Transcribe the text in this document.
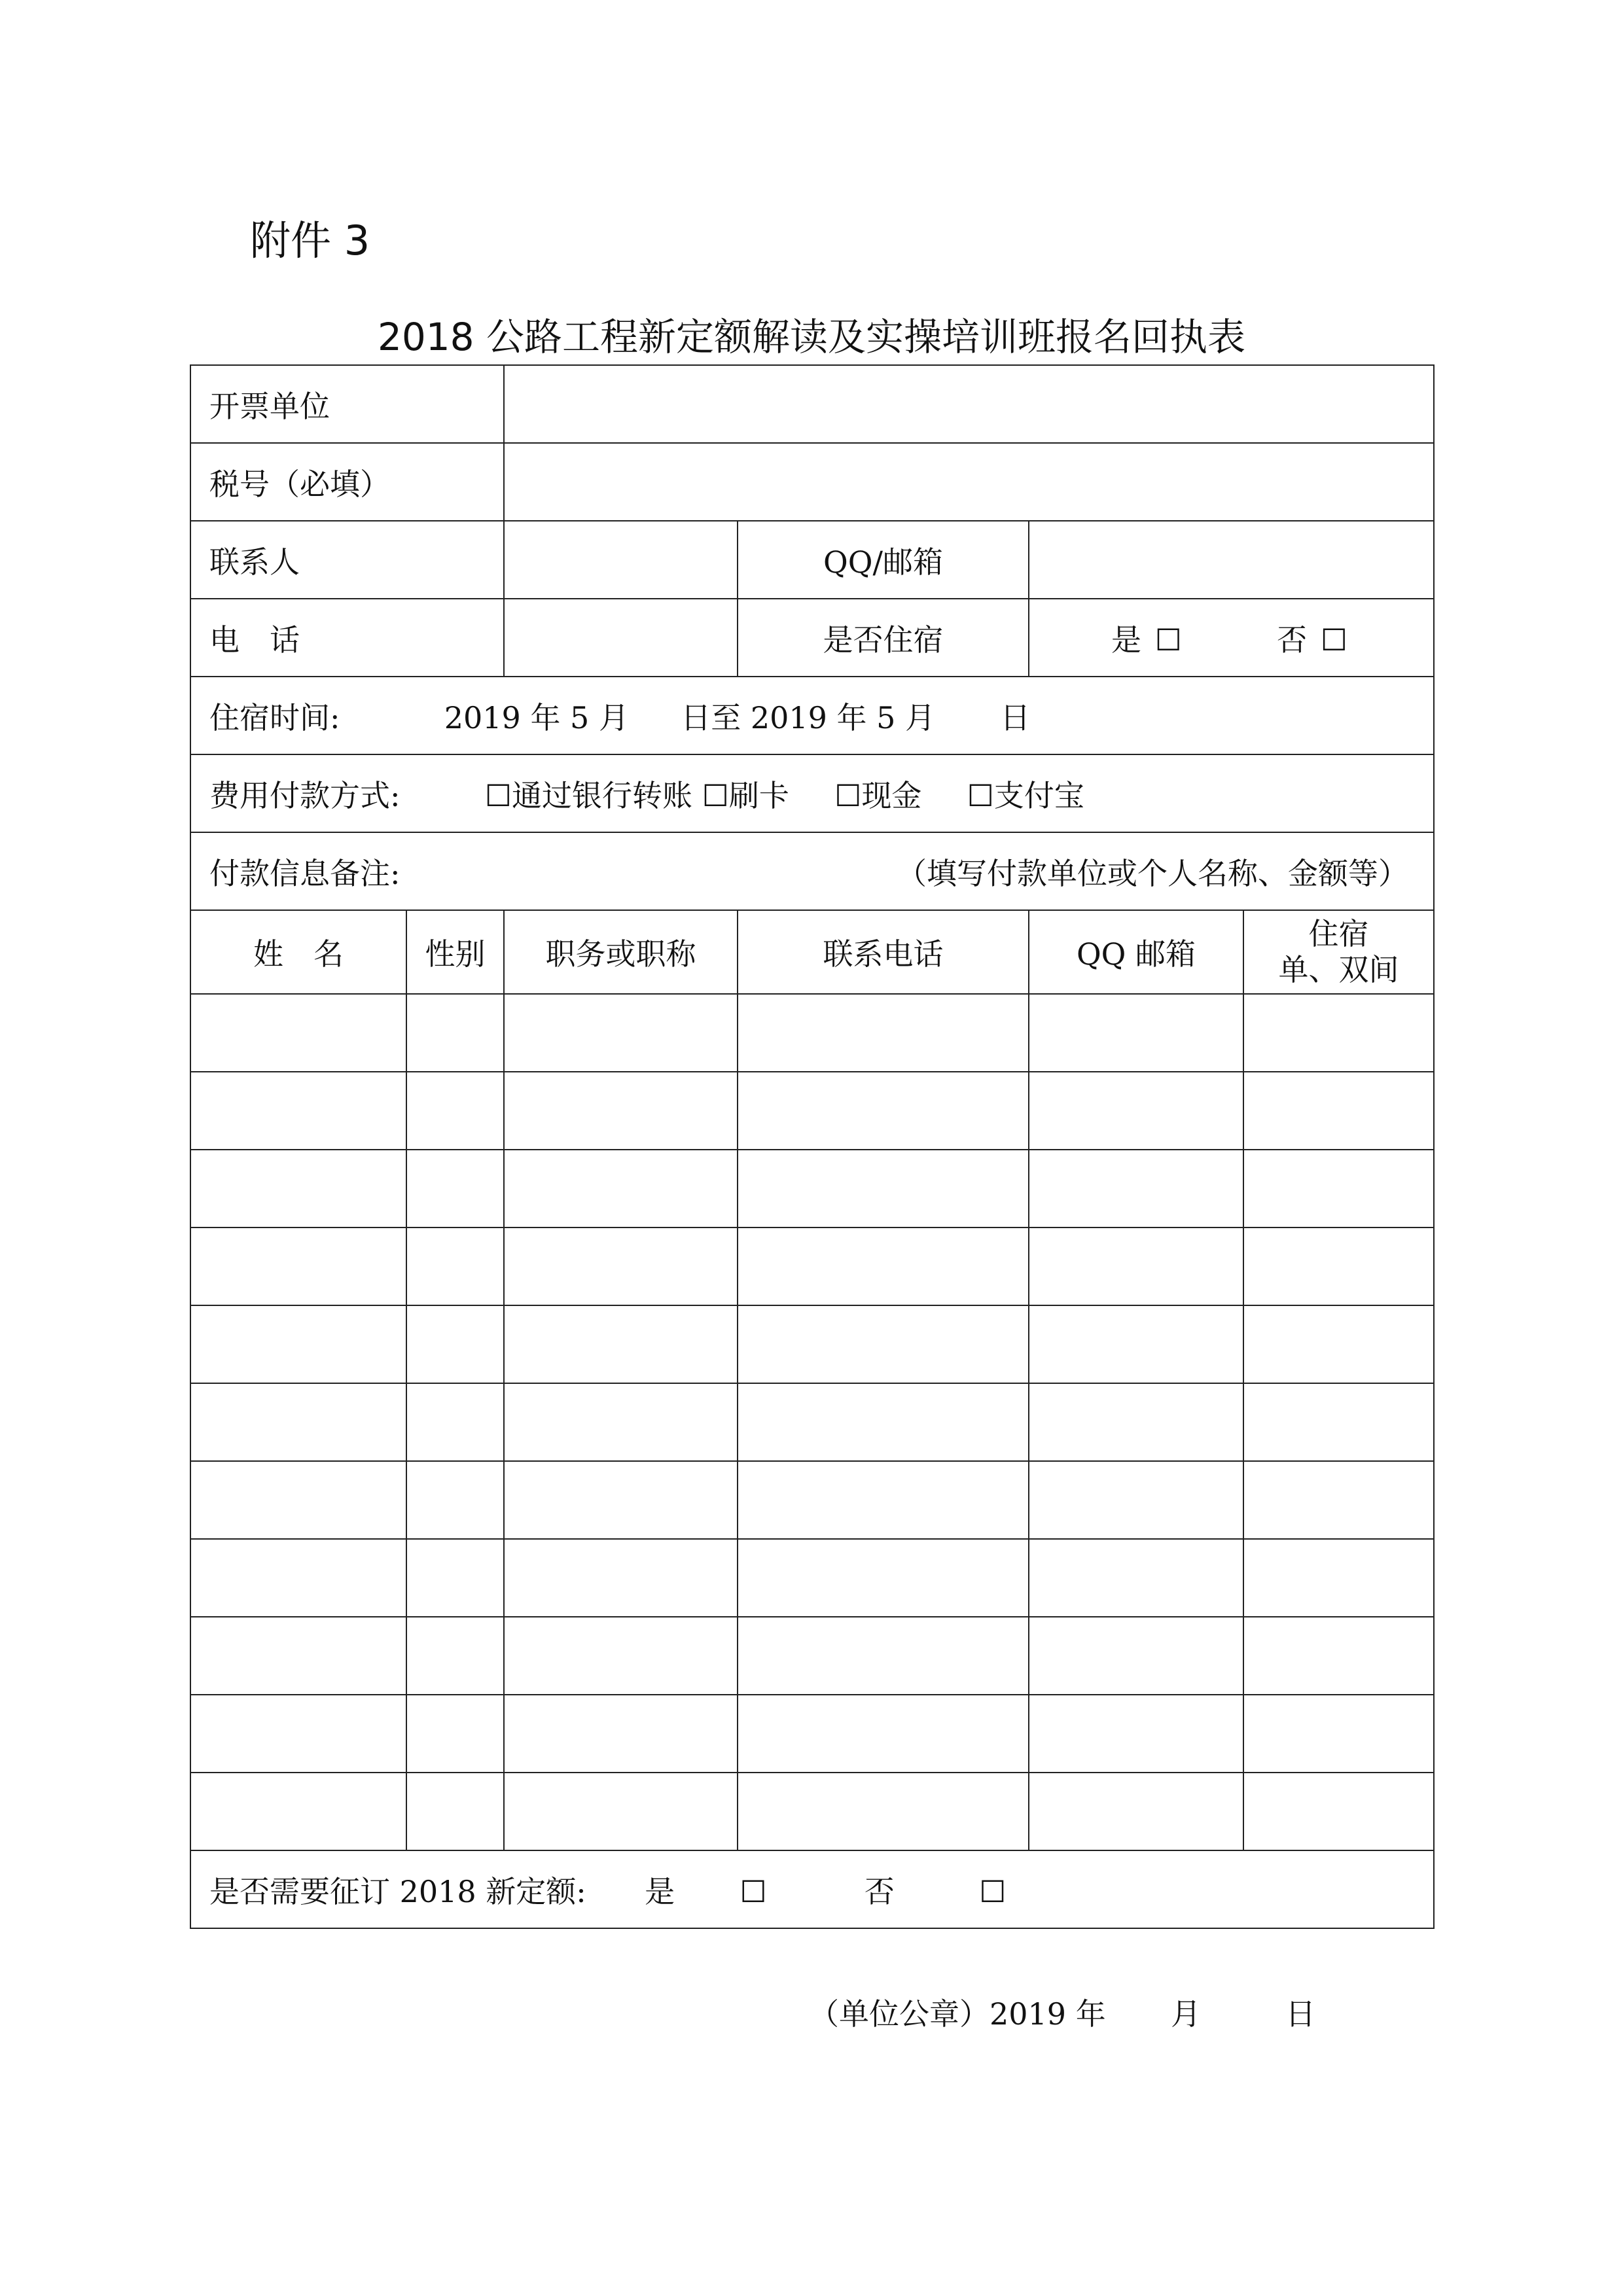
附件 3
2018 公路工程新定额解读及实操培训班报名回执表
开票单位					
税号（必填）					
联系人			QQ/邮箱		
电　话			是否住宿	是 ☐ 否 ☐	
住宿时间: 2019 年 5 月 日至 2019 年 5 月 日					
费用付款方式: ☐通过银行转账 ☐刷卡 ☐现金 ☐支付宝					
付款信息备注: （填写付款单位或个人名称、金额等）					

姓　名	性别	职务或职称	联系电话	QQ 邮箱	住宿
单、双间

是否需要征订 2018 新定额: 是 ☐ 否 ☐					
（单位公章）2019 年 月	日
